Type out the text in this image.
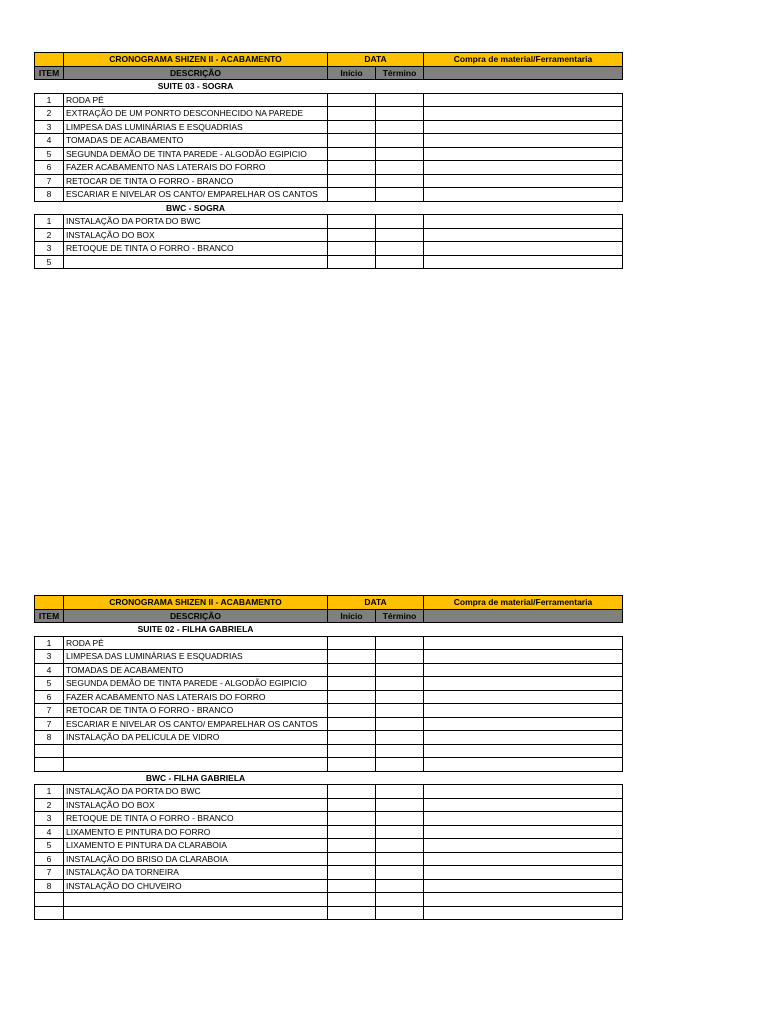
	CRONOGRAMA SHIZEN II - ACABAMENTO	DATA		Compra de material/Ferramentaria
ITEM	DESCRIÇÃO	Início	Término	
	SUITE 03 - SOGRA			
1	RODA PÉ			
2	EXTRAÇÃO DE UM PONRTO DESCONHECIDO NA PAREDE			
3	LIMPESA DAS LUMINÁRIAS E ESQUADRIAS			
4	TOMADAS DE ACABAMENTO			
5	SEGUNDA DEMÃO DE TINTA PAREDE - ALGODÃO EGIPICIO			
6	FAZER ACABAMENTO NAS LATERAIS DO FORRO			
7	RETOCAR DE TINTA O FORRO - BRANCO			
8	ESCARIAR E NIVELAR OS CANTO/ EMPARELHAR OS CANTOS			
	BWC - SOGRA			
1	INSTALAÇÃO DA PORTA DO BWC			
2	INSTALAÇÃO DO BOX			
3	RETOQUE DE TINTA O FORRO - BRANCO			
5				
	CRONOGRAMA SHIZEN II - ACABAMENTO	DATA		Compra de material/Ferramentaria
ITEM	DESCRIÇÃO	Início	Término	
	SUITE 02 - FILHA GABRIELA			
1	RODA PÉ			
3	LIMPESA DAS LUMINÁRIAS E ESQUADRIAS			
4	TOMADAS DE ACABAMENTO			
5	SEGUNDA DEMÃO DE TINTA PAREDE - ALGODÃO EGIPICIO			
6	FAZER ACABAMENTO NAS LATERAIS DO FORRO			
7	RETOCAR DE TINTA O FORRO - BRANCO			
7	ESCARIAR E NIVELAR OS CANTO/ EMPARELHAR OS CANTOS			
8	INSTALAÇÃO DA PELICULA DE VIDRO			

	BWC - FILHA GABRIELA			
1	INSTALAÇÃO DA PORTA DO BWC			
2	INSTALAÇÃO DO BOX			
3	RETOQUE DE TINTA O FORRO - BRANCO			
4	LIXAMENTO E PINTURA DO FORRO			
5	LIXAMENTO E PINTURA DA CLARABOIA			
6	INSTALAÇÃO DO BRISO DA CLARABOIA			
7	INSTALAÇÃO DA TORNEIRA			
8	INSTALAÇÃO DO CHUVEIRO			
